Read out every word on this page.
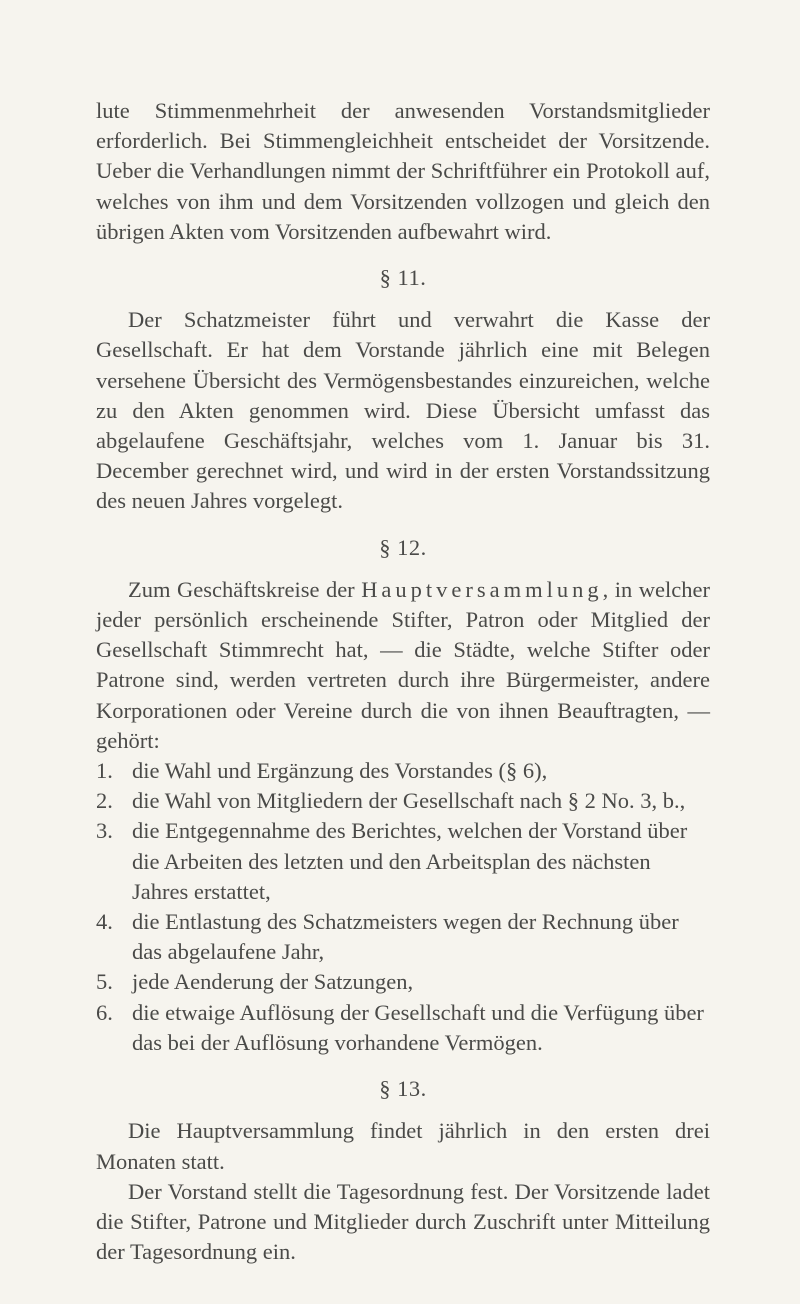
lute Stimmenmehrheit der anwesenden Vorstandsmitglieder erforderlich. Bei Stimmengleichheit entscheidet der Vorsitzende. Ueber die Verhandlungen nimmt der Schriftführer ein Protokoll auf, welches von ihm und dem Vorsitzenden vollzogen und gleich den übrigen Akten vom Vorsitzenden aufbewahrt wird.

§ 11.

Der Schatzmeister führt und verwahrt die Kasse der Gesellschaft. Er hat dem Vorstande jährlich eine mit Belegen versehene Übersicht des Vermögensbestandes einzureichen, welche zu den Akten genommen wird. Diese Übersicht umfasst das abgelaufene Geschäftsjahr, welches vom 1. Januar bis 31. December gerechnet wird, und wird in der ersten Vorstandssitzung des neuen Jahres vorgelegt.

§ 12.

Zum Geschäftskreise der Hauptversammlung, in welcher jeder persönlich erscheinende Stifter, Patron oder Mitglied der Gesellschaft Stimmrecht hat, — die Städte, welche Stifter oder Patrone sind, werden vertreten durch ihre Bürgermeister, andere Korporationen oder Vereine durch die von ihnen Beauftragten, — gehört:

1. die Wahl und Ergänzung des Vorstandes (§ 6),
2. die Wahl von Mitgliedern der Gesellschaft nach § 2 No. 3, b.,
3. die Entgegennahme des Berichtes, welchen der Vorstand über die Arbeiten des letzten und den Arbeitsplan des nächsten Jahres erstattet,
4. die Entlastung des Schatzmeisters wegen der Rechnung über das abgelaufene Jahr,
5. jede Aenderung der Satzungen,
6. die etwaige Auflösung der Gesellschaft und die Verfügung über das bei der Auflösung vorhandene Vermögen.
§ 13.

Die Hauptversammlung findet jährlich in den ersten drei Monaten statt.

Der Vorstand stellt die Tagesordnung fest. Der Vorsitzende ladet die Stifter, Patrone und Mitglieder durch Zuschrift unter Mitteilung der Tagesordnung ein.
